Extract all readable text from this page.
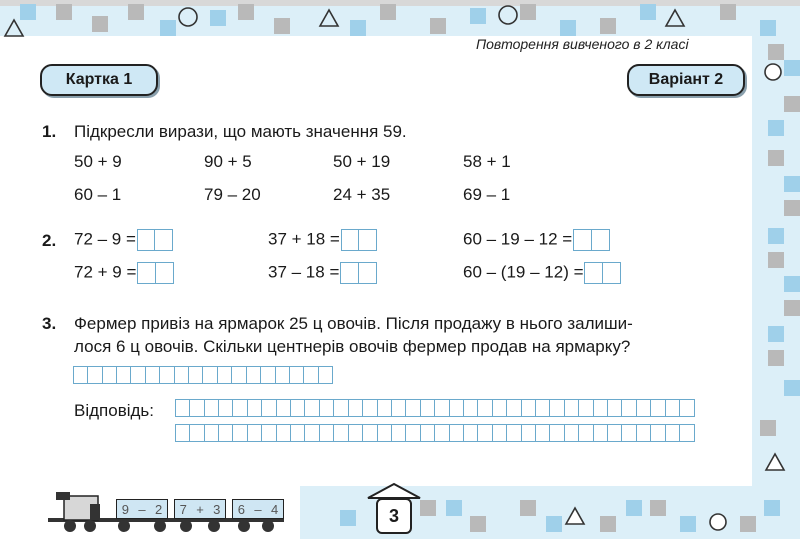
Повторення вивченого в 2 класі
Картка 1	Варіант 2
1. Підкресли вирази, що мають значення 59.
50 + 9	90 + 5	50 + 19	58 + 1
60 – 1	79 – 20	24 + 35	69 – 1
2. 72 – 9 =	37 + 18 =	60 – 19 – 12 =
72 + 9 =	37 – 18 =	60 – (19 – 12) =
3. Фермер привіз на ярмарок 25 ц овочів. Після продажу в нього залиши-
лося 6 ц овочів. Скільки центнерів овочів фермер продав на ярмарку?
Відповідь:
9 – 2 7 + 3 6 – 4	3
